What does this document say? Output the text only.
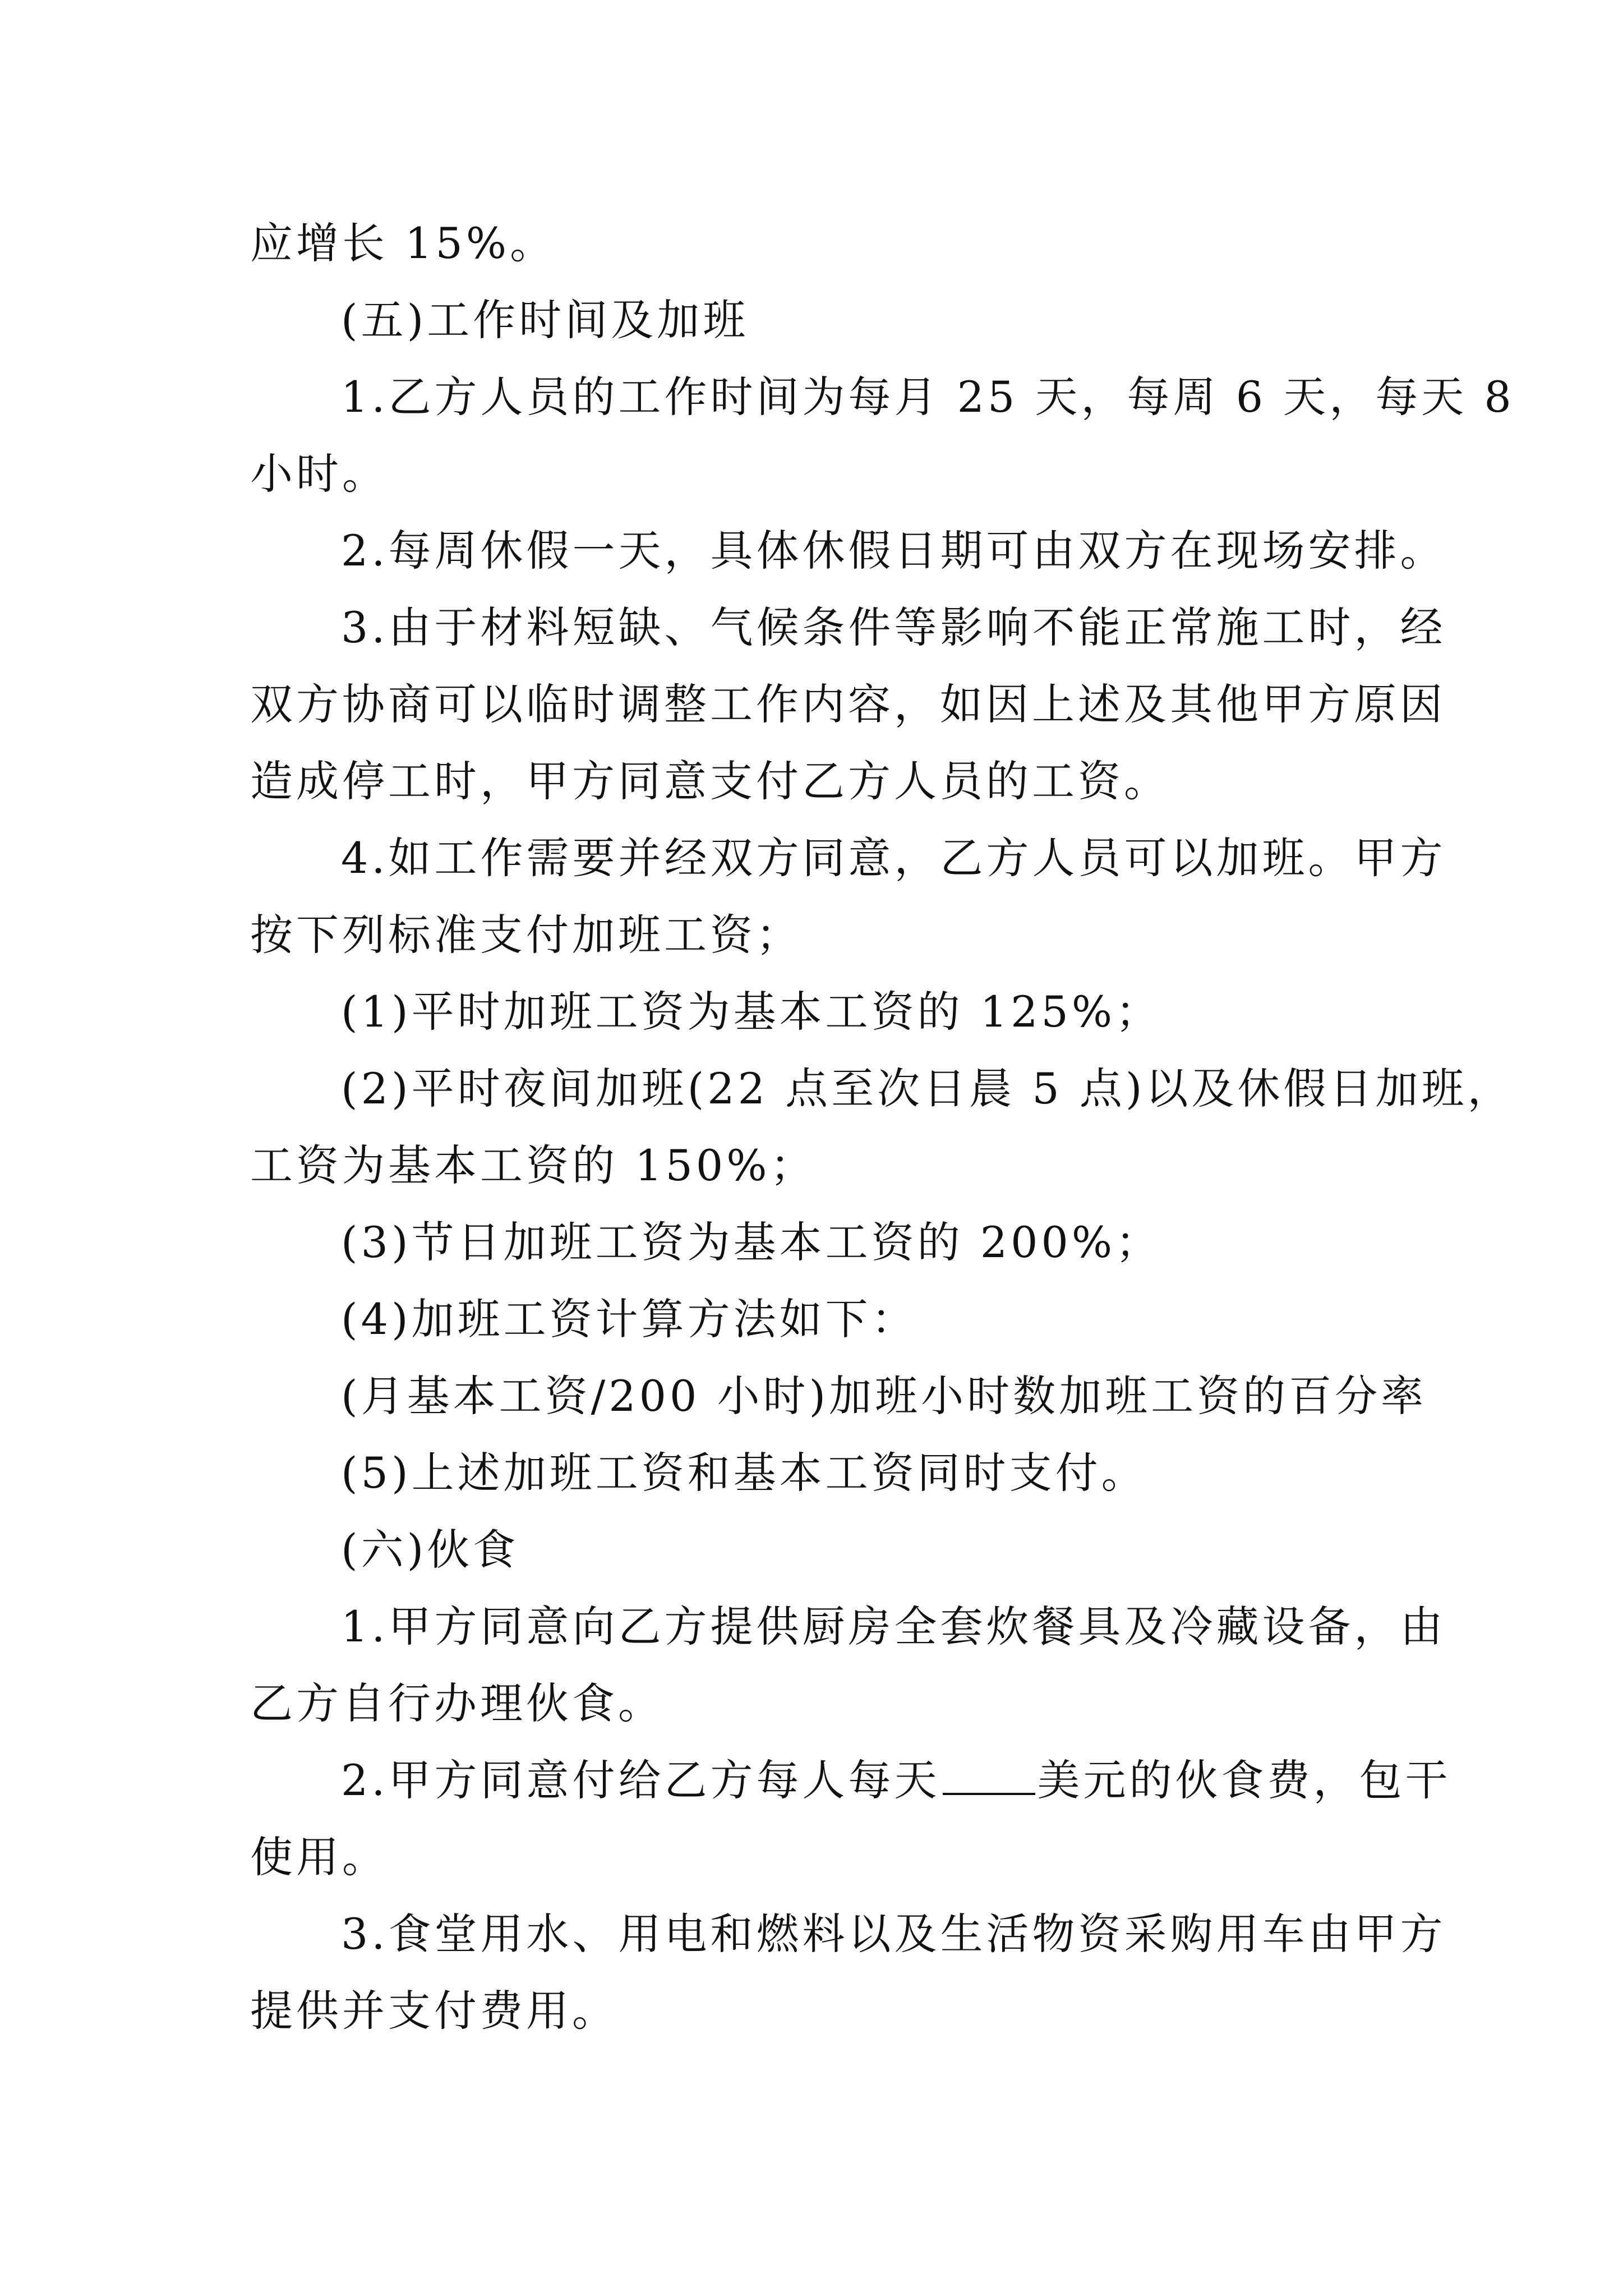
应增长 15%。

(五)工作时间及加班

1.乙方人员的工作时间为每月 25 天，每周 6 天，每天 8

小时。

2.每周休假一天，具体休假日期可由双方在现场安排。

3.由于材料短缺、气候条件等影响不能正常施工时，经

双方协商可以临时调整工作内容，如因上述及其他甲方原因

造成停工时，甲方同意支付乙方人员的工资。

4.如工作需要并经双方同意，乙方人员可以加班。甲方

按下列标准支付加班工资；

(1)平时加班工资为基本工资的 125%；

(2)平时夜间加班(22 点至次日晨 5 点)以及休假日加班，

工资为基本工资的 150%；

(3)节日加班工资为基本工资的 200%；

(4)加班工资计算方法如下：

(月基本工资/200 小时)加班小时数加班工资的百分率

(5)上述加班工资和基本工资同时支付。

(六)伙食

1.甲方同意向乙方提供厨房全套炊餐具及冷藏设备，由

乙方自行办理伙食。

2.甲方同意付给乙方每人每天 美元的伙食费，包干

使用。

3.食堂用水、用电和燃料以及生活物资采购用车由甲方

提供并支付费用。
